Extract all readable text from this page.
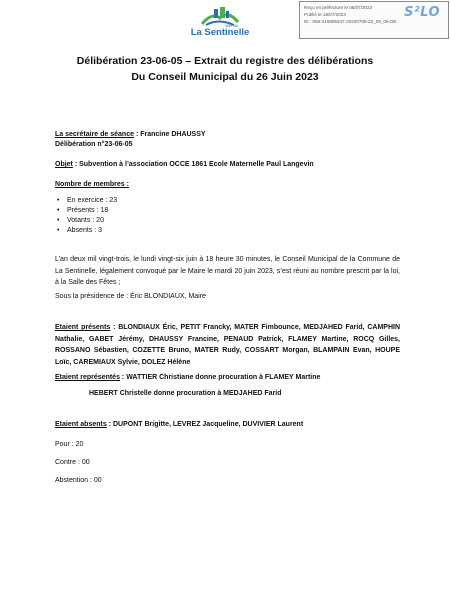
Reçu en préfecture le 05/07/2023
Publié le 18/07/2023
ID : 059-215905647-20230705-23_06_05-DE
S²LO
Ville de
La Sentinelle
Délibération 23-06-05 – Extrait du registre des délibérations
Du Conseil Municipal du 26 Juin 2023
La secrétaire de séance : Francine DHAUSSY
Délibération n°23-06-05
Objet : Subvention à l’association OCCE 1861 Ecole Maternelle Paul Langevin
Nombre de membres :
• En exercice : 23
• Présents : 18
• Votants : 20
• Absents : 3
L’an deux mil vingt-trois, le lundi vingt-six juin à 18 heure 30 minutes, le Conseil Municipal de la Commune de La Sentinelle, légalement convoqué par le Maire le mardi 20 juin 2023, s’est réuni au nombre prescrit par la loi, à la Salle des Fêtes ;
Sous la présidence de : Éric BLONDIAUX, Maire
Etaient présents : BLONDIAUX Éric, PETIT Francky, MATER Fimbounce, MEDJAHED Farid, CAMPHIN Nathalie, GABET Jérémy, DHAUSSY Francine, PENAUD Patrick, FLAMEY Martine, ROCQ Gilles, ROSSANO Sébastien, COZETTE Bruno, MATER Rudy, COSSART Morgan, BLAMPAIN Evan, HOUPE Loïc, CAREMIAUX Sylvie, DOLEZ Hélène
Etaient représentés : WATTIER Christiane donne procuration à FLAMEY Martine
HEBERT Christelle donne procuration à MEDJAHED Farid
Etaient absents : DUPONT Brigitte, LEVREZ Jacqueline, DUVIVIER Laurent
Pour : 20
Contre : 00
Abstention : 00
